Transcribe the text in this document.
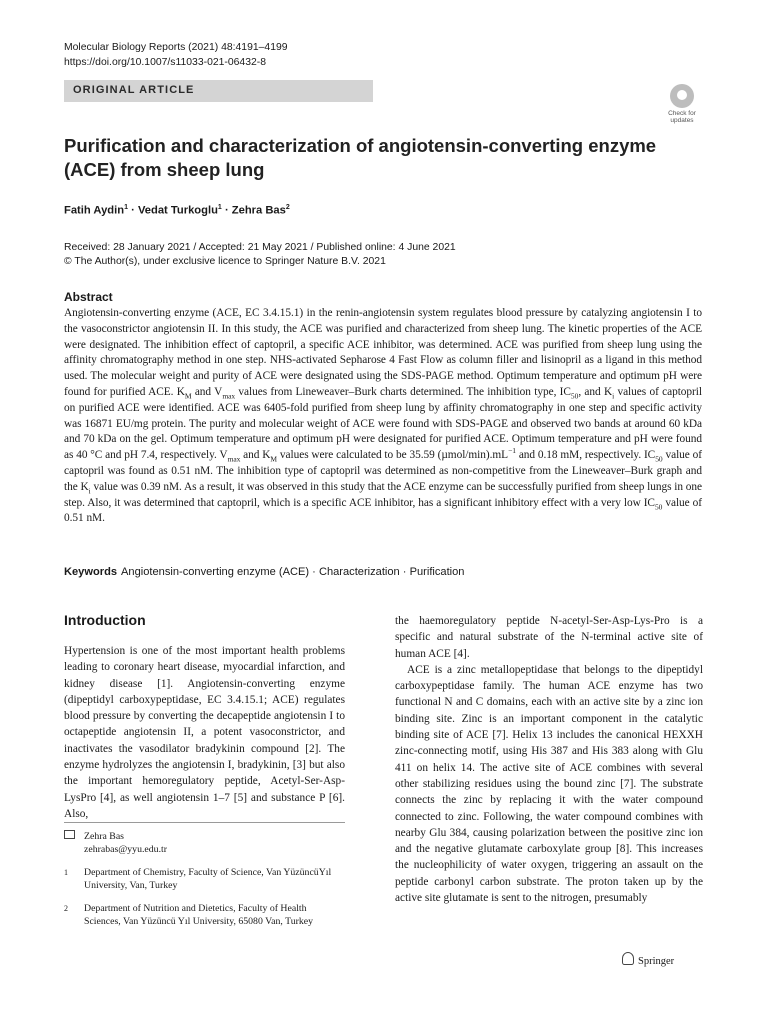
Molecular Biology Reports (2021) 48:4191–4199
https://doi.org/10.1007/s11033-021-06432-8
ORIGINAL ARTICLE
Check for updates
Purification and characterization of angiotensin-converting enzyme (ACE) from sheep lung
Fatih Aydin$^1$ · Vedat Turkoglu$^1$ · Zehra Bas$^2$
Received: 28 January 2021 / Accepted: 21 May 2021 / Published online: 4 June 2021
© The Author(s), under exclusive licence to Springer Nature B.V. 2021
Abstract
Angiotensin-converting enzyme (ACE, EC 3.4.15.1) in the renin-angiotensin system regulates blood pressure by catalyzing angiotensin I to the vasoconstrictor angiotensin II. In this study, the ACE was purified and characterized from sheep lung. The kinetic properties of the ACE were designated. The inhibition effect of captopril, a specific ACE inhibitor, was determined. ACE was purified from sheep lung using the affinity chromatography method in one step. NHS-activated Sepharose 4 Fast Flow as column filler and lisinopril as a ligand in this method used. The molecular weight and purity of ACE were designated using the SDS-PAGE method. Optimum temperature and optimum pH were found for purified ACE. $K_M$ and $V_{max}$ values from Lineweaver–Burk charts determined. The inhibition type, $IC_{50}$, and $K_i$ values of captopril on purified ACE were identified. ACE was 6405-fold purified from sheep lung by affinity chromatography in one step and specific activity was 16871 EU/mg protein. The purity and molecular weight of ACE were found with SDS-PAGE and observed two bands at around 60 kDa and 70 kDa on the gel. Optimum temperature and optimum pH were designated for purified ACE. Optimum temperature and pH were found as 40 °C and pH 7.4, respectively. $V_{max}$ and $K_M$ values were calculated to be 35.59 $(\mu mol/\min).mL^{-1}$ and 0.18 mM, respectively. $IC_{50}$ value of captopril was found as 0.51 nM. The inhibition type of captopril was determined as non-competitive from the Lineweaver–Burk graph and the $K_i$ value was 0.39 nM. As a result, it was observed in this study that the ACE enzyme can be successfully purified from sheep lungs in one step. Also, it was determined that captopril, which is a specific ACE inhibitor, has a significant inhibitory effect with a very low $IC_{50}$ value of 0.51 nM.
Keywords Angiotensin-converting enzyme (ACE) · Characterization · Purification
Introduction

Hypertension is one of the most important health problems leading to coronary heart disease, myocardial infarction, and kidney disease [1]. Angiotensin-converting enzyme (dipeptidyl carboxypeptidase, EC 3.4.15.1; ACE) regulates blood pressure by converting the decapeptide angiotensin I to octapeptide angiotensin II, a potent vasoconstrictor, and inactivates the vasodilator bradykinin compound [2]. The enzyme hydrolyzes the angiotensin I, bradykinin, [3] but also the important hemoregulatory peptide, Acetyl-Ser-Asp-LysPro [4], as well angiotensin 1–7 [5] and substance P [6]. Also,

the haemoregulatory peptide N-acetyl-Ser-Asp-Lys-Pro is a specific and natural substrate of the N-terminal active site of human ACE [4].

ACE is a zinc metallopeptidase that belongs to the dipeptidyl carboxypeptidase family. The human ACE enzyme has two functional N and C domains, each with an active site by a zinc ion binding site. Zinc is an important component in the catalytic binding site of ACE [7]. Helix 13 includes the canonical HEXXH zinc-connecting motif, using His 387 and His 383 along with Glu 411 on helix 14. The active site of ACE combines with several other stabilizing residues using the bound zinc [7]. The substrate connects the zinc by replacing it with the water compound connected to zinc. Following, the water compound combines with nearby Glu 384, causing polarization between the positive zinc ion and the negative glutamate carboxylate group [8]. This increases the nucleophilicity of water oxygen, triggering an assault on the peptide carbonyl carbon substrate. The proton taken up by the active site glutamate is sent to the nitrogen, presumably

Zehra Bas
zehrabas@yyu.edu.tr
1 Department of Chemistry, Faculty of Science, Van YüzüncüYıl University, Van, Turkey
2 Department of Nutrition and Dietetics, Faculty of Health Sciences, Van Yüzüncü Yıl University, 65080 Van, Turkey
Springer
